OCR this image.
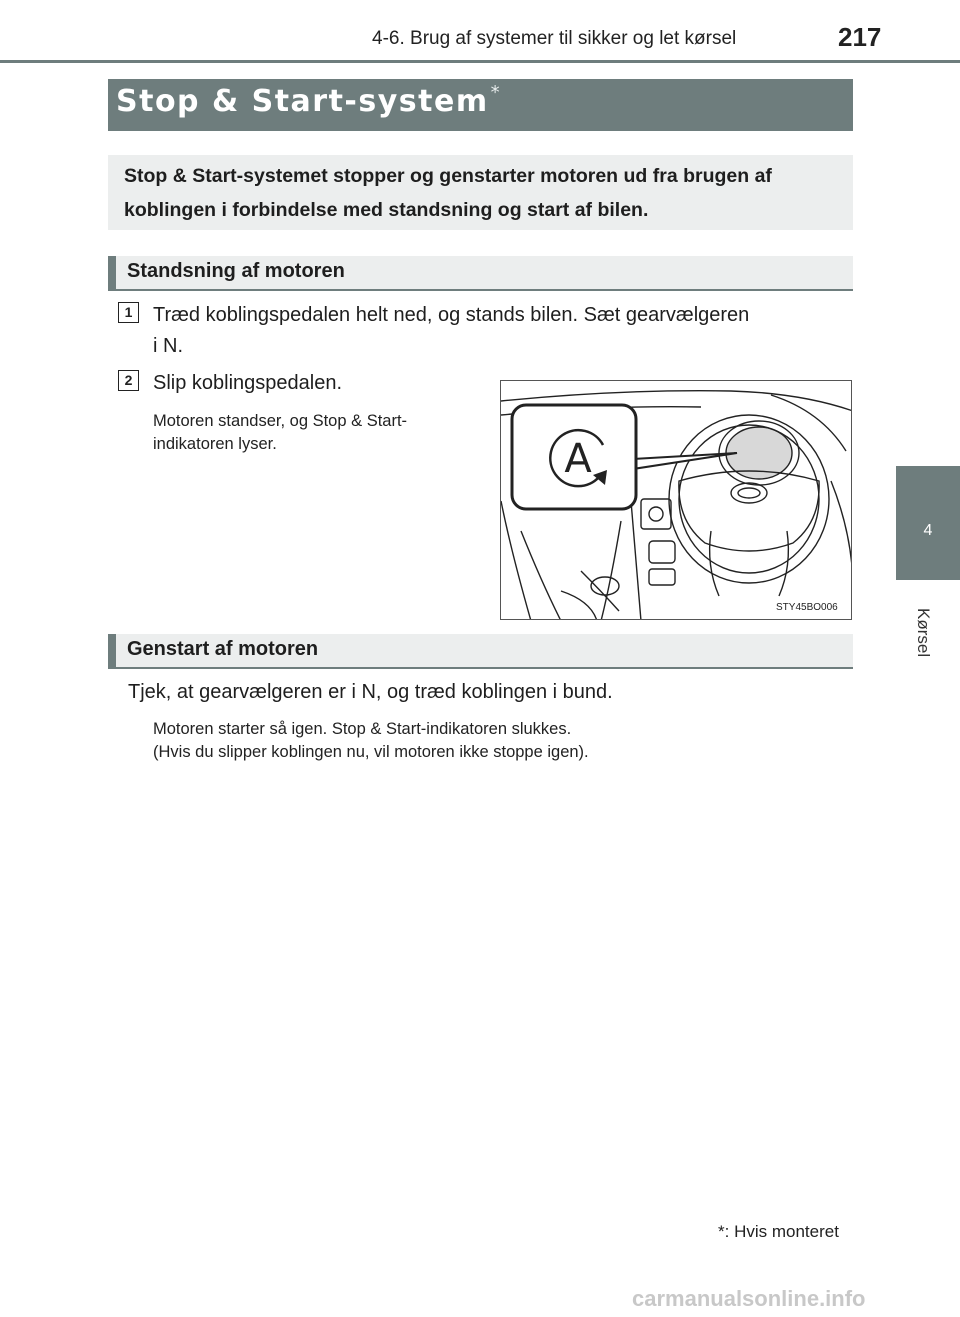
4-6. Brug af systemer til sikker og let kørsel	217
4
Kørsel
Stop & Start-system *
Stop & Start-systemet stopper og genstarter motoren ud fra brugen af koblingen i forbindelse med standsning og start af bilen.
Standsning af motoren
1	Træd koblingspedalen helt ned, og stands bilen. Sæt gearvælgeren
i N.
2	Slip koblingspedalen.
Motoren standser, og Stop & Start-
indikatoren lyser.	A
STY45BO006
Genstart af motoren
Tjek, at gearvælgeren er i N, og træd koblingen i bund.
Motoren starter så igen. Stop & Start-indikatoren slukkes.
(Hvis du slipper koblingen nu, vil motoren ikke stoppe igen).
*: Hvis monteret
carmanualsonline.info
